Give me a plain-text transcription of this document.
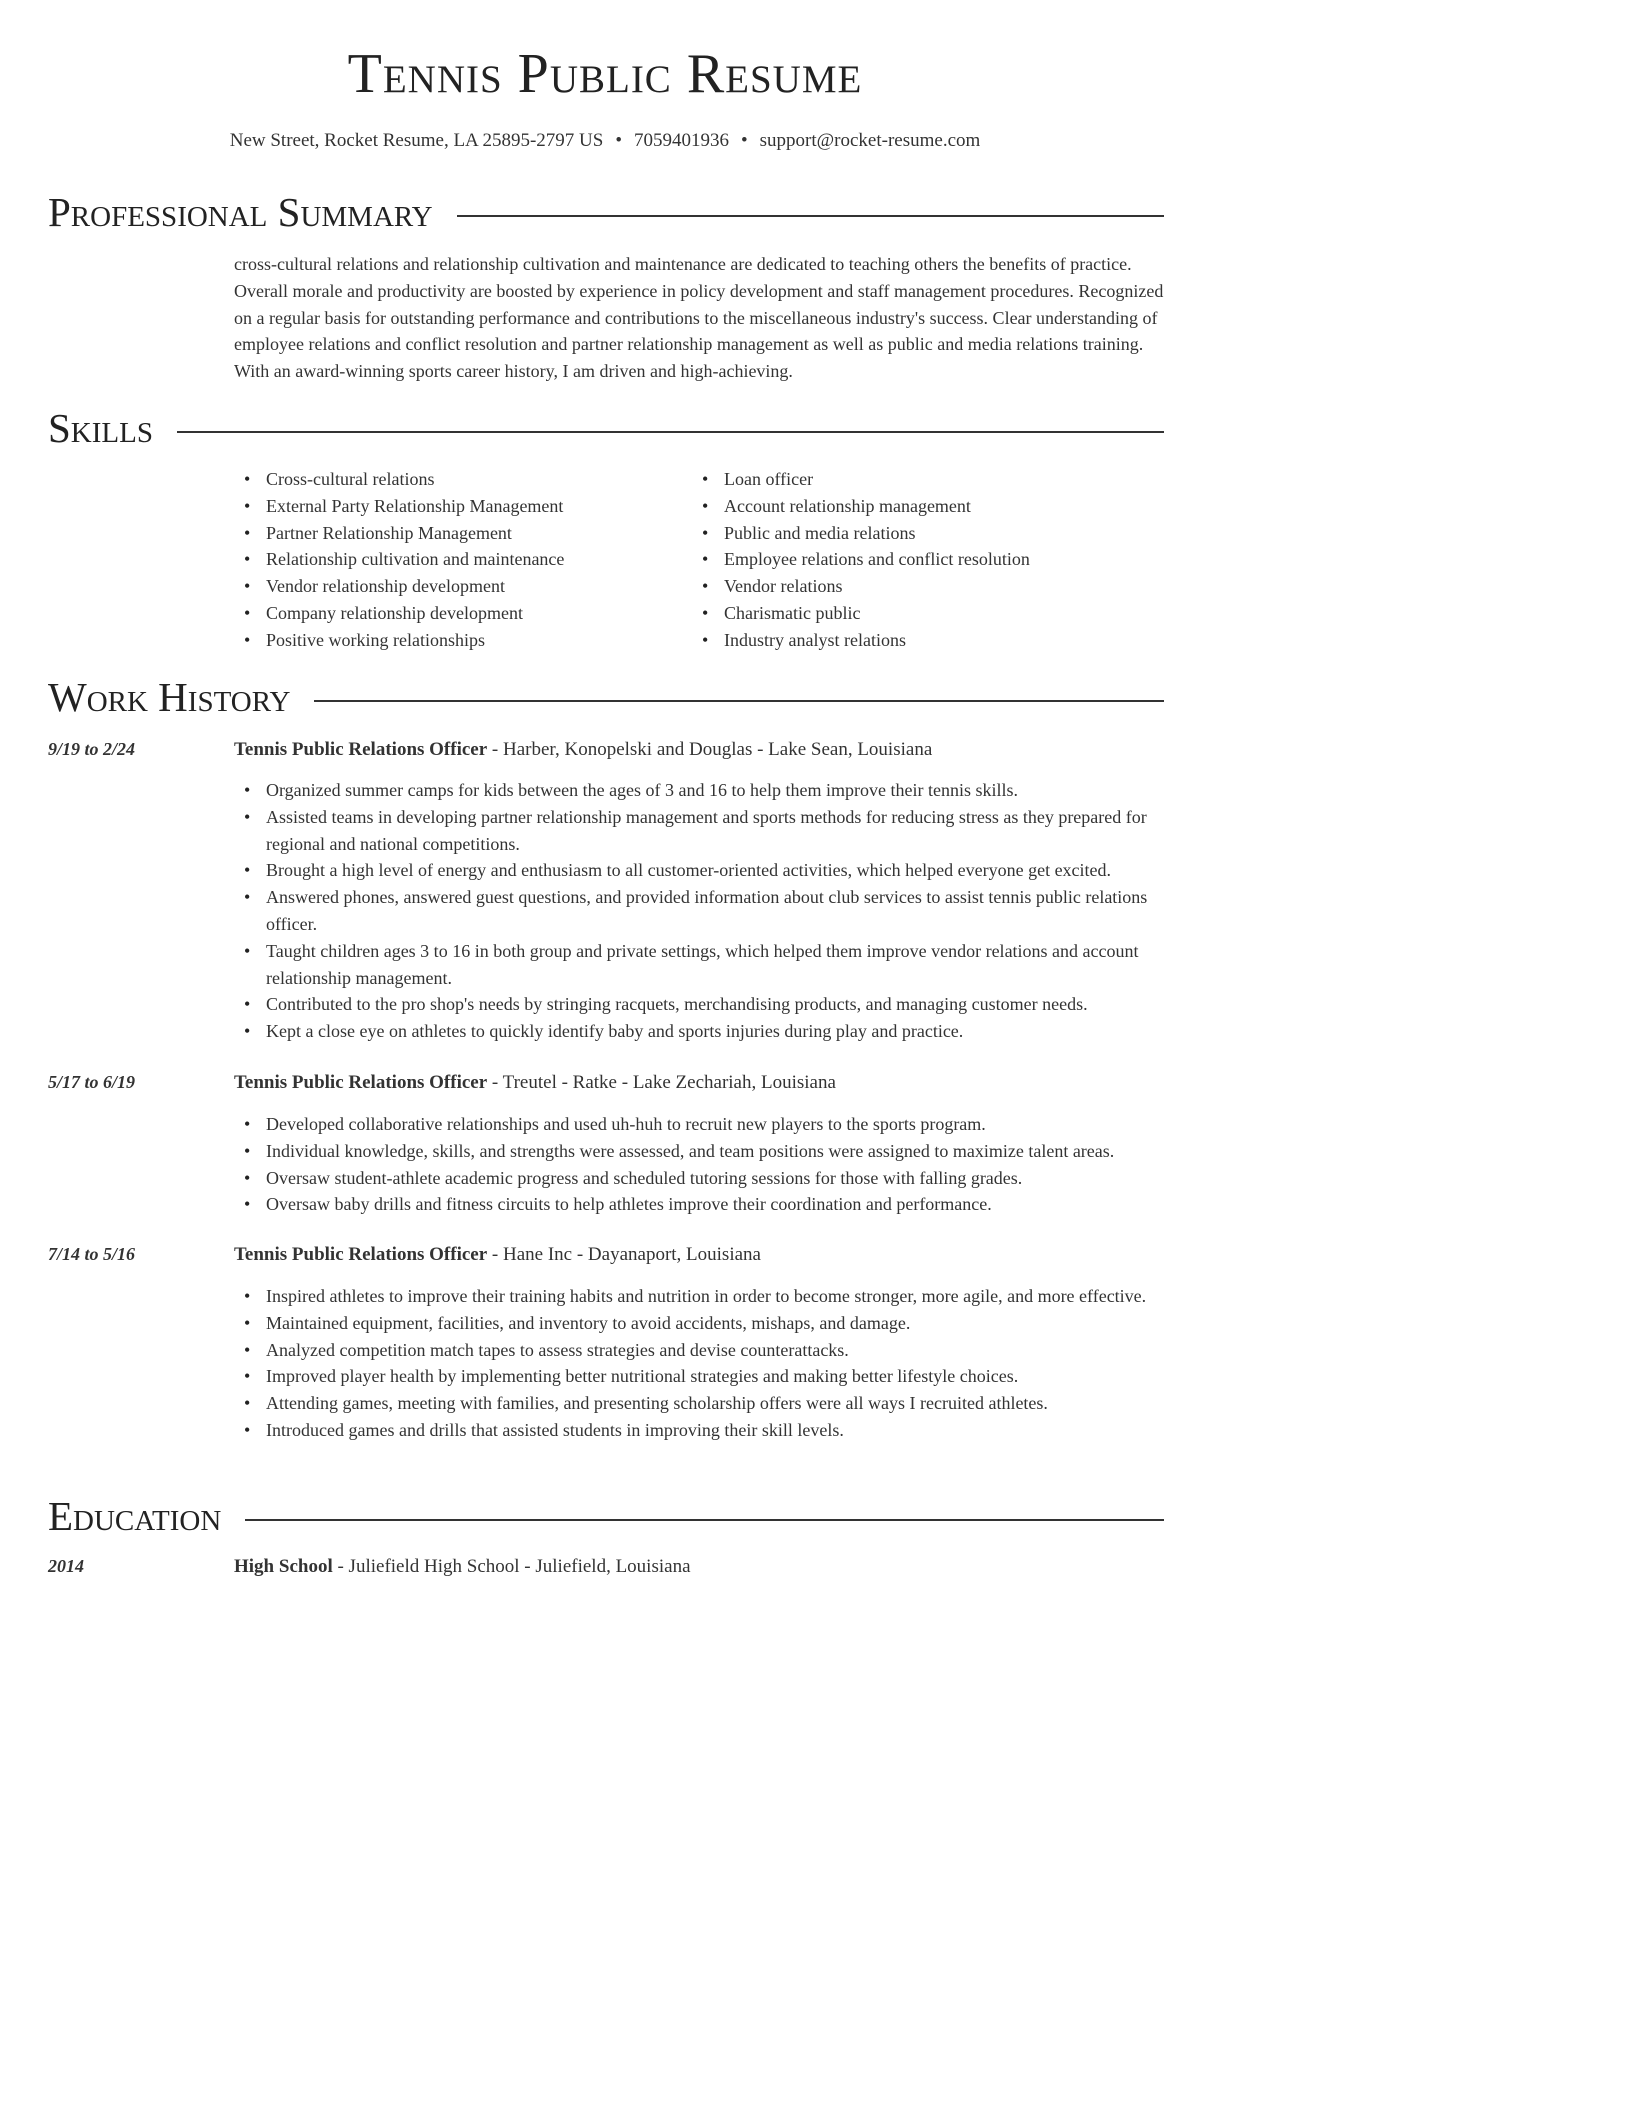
Tennis Public Resume
New Street, Rocket Resume, LA 25895-2797 US • 7059401936 • support@rocket-resume.com
Professional Summary
cross-cultural relations and relationship cultivation and maintenance are dedicated to teaching others the benefits of practice. Overall morale and productivity are boosted by experience in policy development and staff management procedures. Recognized on a regular basis for outstanding performance and contributions to the miscellaneous industry's success. Clear understanding of employee relations and conflict resolution and partner relationship management as well as public and media relations training. With an award-winning sports career history, I am driven and high-achieving.
Skills
• Cross-cultural relations
• External Party Relationship Management
• Partner Relationship Management
• Relationship cultivation and maintenance
• Vendor relationship development
• Company relationship development
• Positive working relationships
• Loan officer
• Account relationship management
• Public and media relations
• Employee relations and conflict resolution
• Vendor relations
• Charismatic public
• Industry analyst relations
Work History
9/19 to 2/24	Tennis Public Relations Officer - Harber, Konopelski and Douglas - Lake Sean, Louisiana
• Organized summer camps for kids between the ages of 3 and 16 to help them improve their tennis skills.
• Assisted teams in developing partner relationship management and sports methods for reducing stress as they prepared for regional and national competitions.
• Brought a high level of energy and enthusiasm to all customer-oriented activities, which helped everyone get excited.
• Answered phones, answered guest questions, and provided information about club services to assist tennis public relations officer.
• Taught children ages 3 to 16 in both group and private settings, which helped them improve vendor relations and account relationship management.
• Contributed to the pro shop's needs by stringing racquets, merchandising products, and managing customer needs.
• Kept a close eye on athletes to quickly identify baby and sports injuries during play and practice.
5/17 to 6/19	Tennis Public Relations Officer - Treutel - Ratke - Lake Zechariah, Louisiana
• Developed collaborative relationships and used uh-huh to recruit new players to the sports program.
• Individual knowledge, skills, and strengths were assessed, and team positions were assigned to maximize talent areas.
• Oversaw student-athlete academic progress and scheduled tutoring sessions for those with falling grades.
• Oversaw baby drills and fitness circuits to help athletes improve their coordination and performance.
7/14 to 5/16	Tennis Public Relations Officer - Hane Inc - Dayanaport, Louisiana
• Inspired athletes to improve their training habits and nutrition in order to become stronger, more agile, and more effective.
• Maintained equipment, facilities, and inventory to avoid accidents, mishaps, and damage.
• Analyzed competition match tapes to assess strategies and devise counterattacks.
• Improved player health by implementing better nutritional strategies and making better lifestyle choices.
• Attending games, meeting with families, and presenting scholarship offers were all ways I recruited athletes.
• Introduced games and drills that assisted students in improving their skill levels.
Education
2014	High School - Juliefield High School - Juliefield, Louisiana
